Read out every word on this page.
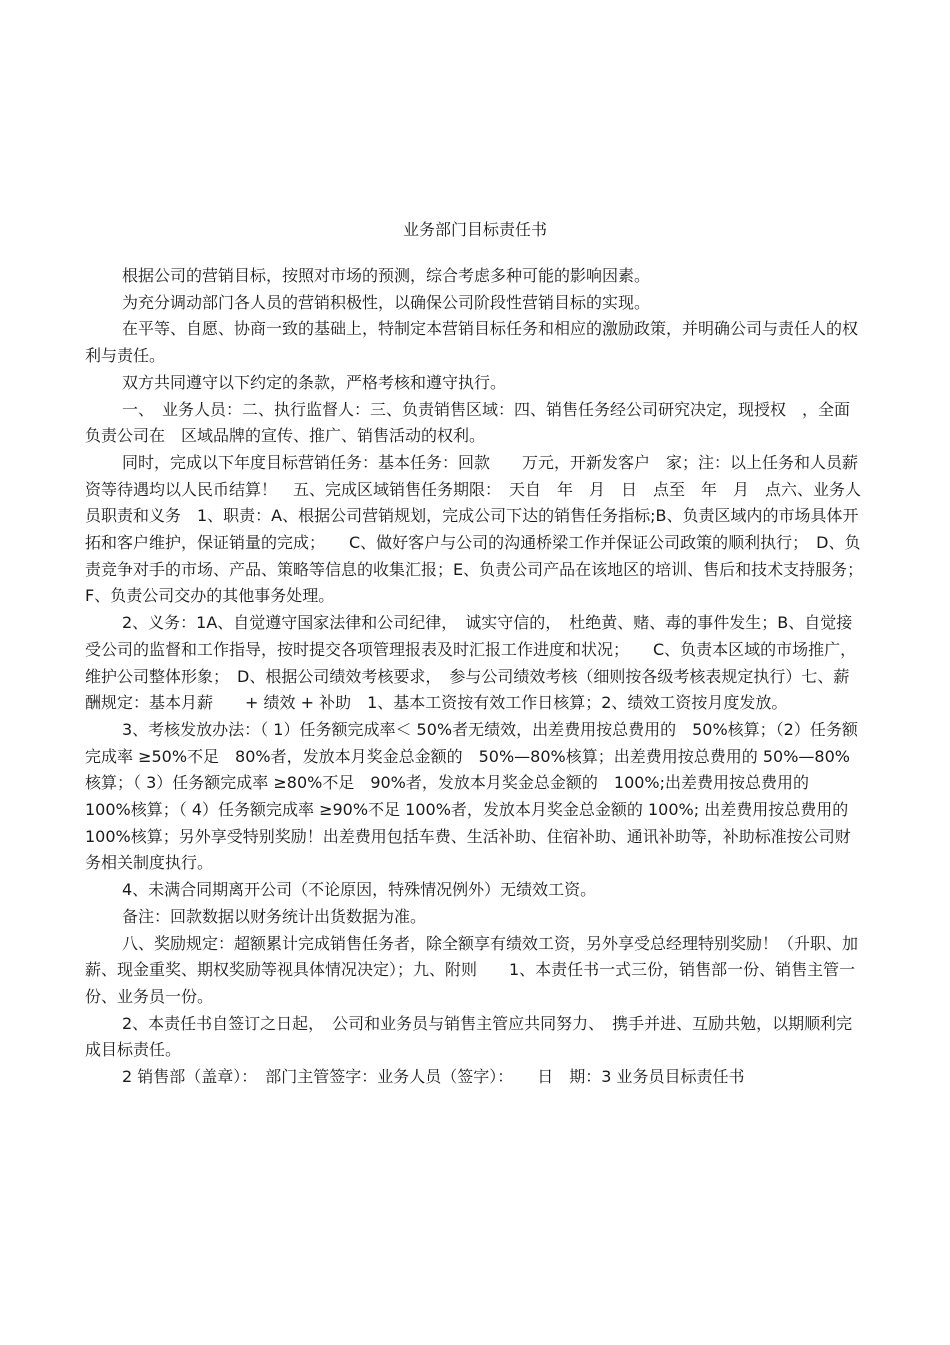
业务部门目标责任书

根据公司的营销目标，按照对市场的预测，综合考虑多种可能的影响因素。

为充分调动部门各人员的营销积极性，以确保公司阶段性营销目标的实现。

在平等、自愿、协商一致的基础上，特制定本营销目标任务和相应的激励政策，并明确公司与责任人的权利与责任。

双方共同遵守以下约定的条款，严格考核和遵守执行。

一、　业务人员：二、执行监督人：三、负责销售区域：四、销售任务经公司研究决定，现授权　，全面负责公司在　区域品牌的宣传、推广、销售活动的权利。

同时，完成以下年度目标营销任务：基本任务：回款　　万元，开新发客户　家；注：以上任务和人员薪资等待遇均以人民币结算！　五、完成区域销售任务期限：　天自　年　月　日　点至　年　月　点六、业务人员职责和义务　1、职责：A、根据公司营销规划，完成公司下达的销售任务指标;B、负责区域内的市场具体开拓和客户维护，保证销量的完成；　　C、做好客户与公司的沟通桥梁工作并保证公司政策的顺利执行；　D、负责竞争对手的市场、产品、策略等信息的收集汇报；E、负责公司产品在该地区的培训、售后和技术支持服务；　F、负责公司交办的其他事务处理。

2、义务：1A、自觉遵守国家法律和公司纪律，　诚实守信的，　杜绝黄、赌、毒的事件发生；B、自觉接受公司的监督和工作指导，按时提交各项管理报表及时汇报工作进度和状况；　　C、负责本区域的市场推广，　维护公司整体形象；　D、根据公司绩效考核要求，　参与公司绩效考核（细则按各级考核表规定执行）七、薪酬规定：基本月薪　　+ 绩效 + 补助　1、基本工资按有效工作日核算；2、绩效工资按月度发放。

3、考核发放办法：（ 1）任务额完成率＜ 50%者无绩效，出差费用按总费用的　50%核算；（2）任务额完成率 ≥50%不足　80%者，发放本月奖金总金额的　50%—80%核算；出差费用按总费用的 50%—80%核算；（ 3）任务额完成率 ≥80%不足　90%者，发放本月奖金总金额的　100%;出差费用按总费用的　100%核算；（ 4）任务额完成率 ≥90%不足 100%者，发放本月奖金总金额的 100%; 出差费用按总费用的　100%核算；另外享受特别奖励！出差费用包括车费、生活补助、住宿补助、通讯补助等，补助标准按公司财务相关制度执行。

4、未满合同期离开公司（不论原因，特殊情况例外）无绩效工资。

备注：回款数据以财务统计出货数据为准。

八、奖励规定：超额累计完成销售任务者，除全额享有绩效工资，另外享受总经理特别奖励！（升职、加薪、现金重奖、期权奖励等视具体情况决定）；九、附则　　1、本责任书一式三份，销售部一份、销售主管一份、业务员一份。

2、本责任书自签订之日起，　公司和业务员与销售主管应共同努力、　携手并进、互励共勉，以期顺利完成目标责任。

2 销售部（盖章）：　部门主管签字：业务人员（签字）：　　日　期：3 业务员目标责任书
